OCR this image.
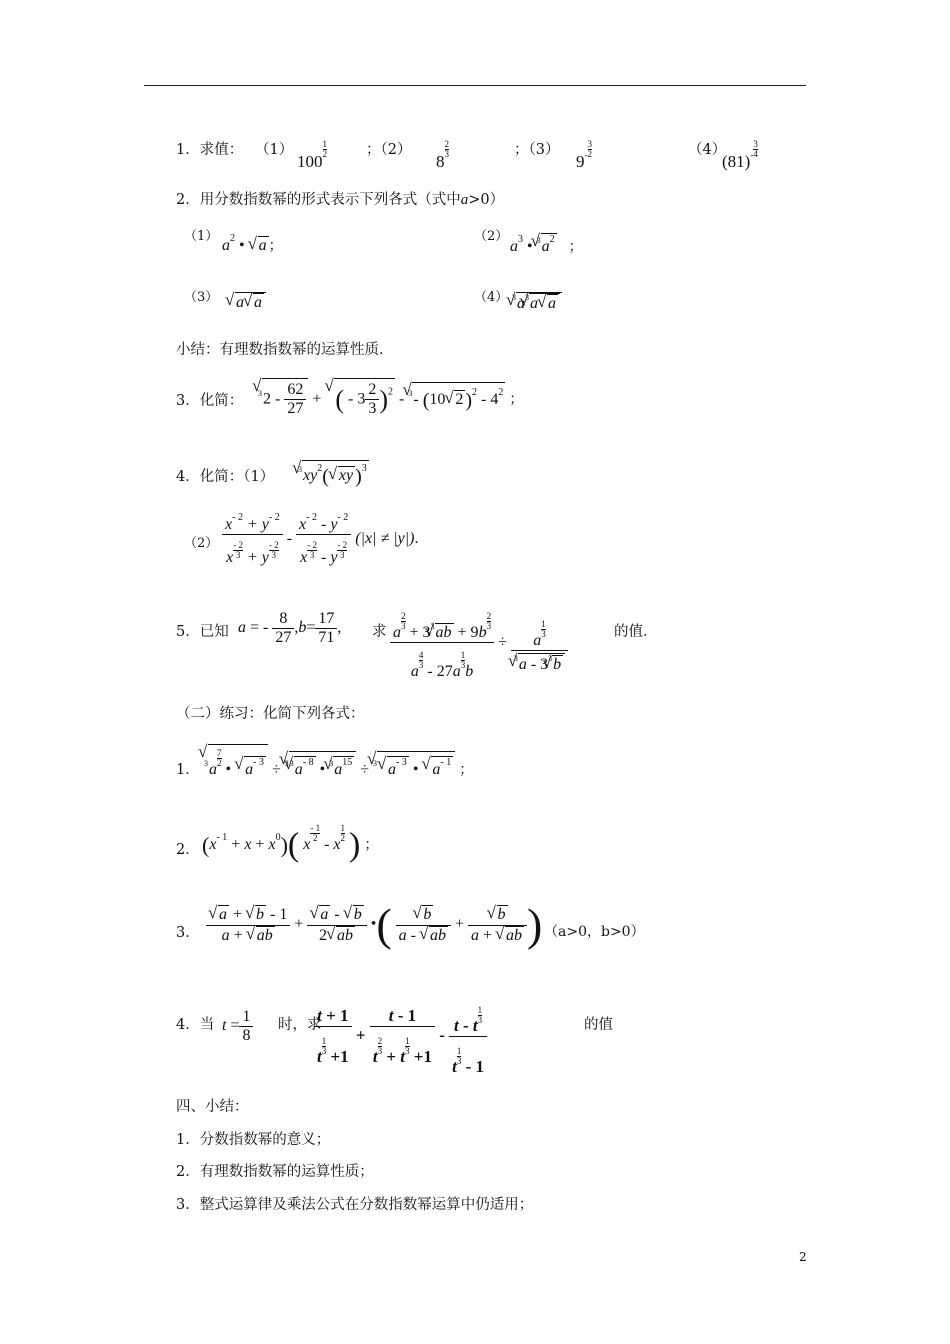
1．求值： （1）
100
$\frac{1}{2}$	；（2）
8
$\frac{2}{3}$	；（3）
$9^- \frac{3}{2}$	（4）
$(81)^- \frac{3}{4}$
2．用分数指数幂的形式表示下列各式（式中a>0）
（1）
$a^2$ • √ a ；
（2）
$a^3$ • $^3$√ $a^2$ ；
（3）
√	a√ a	（4） $^3$√ $a^3√$ a√ a
小结：有理数指数幂的运算性质．
3．化简： $^3$√ $2 - \frac{62}{27}$ + √ ( - $3 \frac{2}{3} )^2 - ^3√ - (10√$ 2 )$^2 - 4^2$ ；
4．化简：（1）	$^3$√ $xy^2(√$ xy )$^3$
$(2) \frac{x^{- 2} + y^{- 2}}{x \frac{- 2}{3} + y \frac{- 2}{3}} - \frac{x^{- 2} - y^{- 2}}{x \frac{- 2}{3} - y \frac{- 2}{3}} (|x| \ne |y|)$.
5．已知 a = - $\frac{8}{27} ,b= \frac{17}{71}$ , 求 a
$\frac{2}{3}$
+ $3^3√$ ab + 9b
$\frac{2}{3}$
a
$\frac{4}{3}$
- 27a
$\frac{1}{3}$
b ÷ a
$\frac{1}{3}$
$^3$√ a - $3^3√$ b	的值．
（二）练习：化简下列各式：
1． $^3$√ a
$\frac{7}{2}$
• √ $a^{- 3} \div ^3√$ $^3$√ $a^{- 8}$ • $^3$√ $a^{15} \div ^3√$ √ $a^{- 3}$ • √ $a^{- 1}$ ；
2． $(x^{- 1} + x + x^0)$( x
$\frac{- 1}{2}$
- x
$\frac{1}{2}$ ) ；
3．
√ $\frac{a + √ b - 1}{a + √ ab}$ +
√ $\frac{a - √ b}{2√ ab}$ •(
√ $\frac{b}{a - √ ab}$ +
√ $\frac{b}{a + √ ab}$ ) （a>0，b>0）
4．当 $t = \frac{1}{8}$ 时，求
t + 1
t
$\frac{1}{3}$
+1 + t - 1
t
$\frac{2}{3}$
+ t
$\frac{1}{3}$
+1 - t - t
$\frac{1}{3}$
t
$\frac{1}{3}$
- 1	的值
四、小结：
1．分数指数幂的意义；
2．有理数指数幂的运算性质；
3．整式运算律及乘法公式在分数指数幂运算中仍适用；
2
